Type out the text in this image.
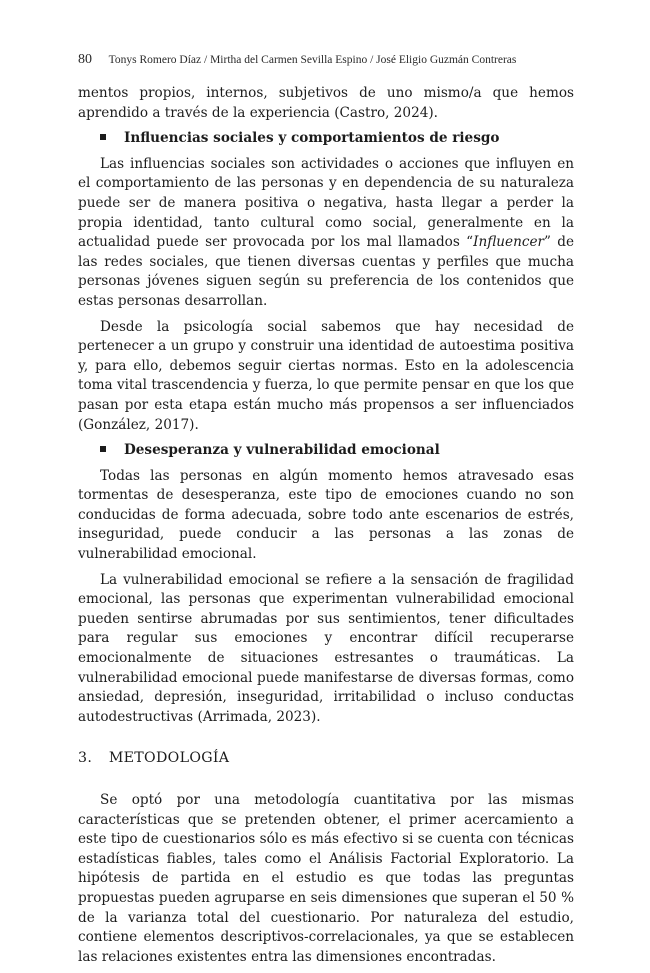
80 Tonys Romero Díaz / Mirtha del Carmen Sevilla Espino / José Eligio Guzmán Contreras

mentos propios, internos, subjetivos de uno mismo/a que hemos aprendido a través de la experiencia (Castro, 2024).

Influencias sociales y comportamientos de riesgo

Las influencias sociales son actividades o acciones que influyen en el comportamiento de las personas y en dependencia de su naturaleza puede ser de manera positiva o negativa, hasta llegar a perder la propia identidad, tanto cultural como social, generalmente en la actualidad puede ser provocada por los mal llamados “Influencer” de las redes sociales, que tienen diversas cuentas y perfiles que mucha personas jóvenes siguen según su preferencia de los contenidos que estas personas desarrollan.

Desde la psicología social sabemos que hay necesidad de pertenecer a un grupo y construir una identidad de autoestima positiva y, para ello, debemos seguir ciertas normas. Esto en la adolescencia toma vital trascendencia y fuerza, lo que permite pensar en que los que pasan por esta etapa están mucho más propensos a ser influenciados (González, 2017).

Desesperanza y vulnerabilidad emocional

Todas las personas en algún momento hemos atravesado esas tormentas de desesperanza, este tipo de emociones cuando no son conducidas de forma adecuada, sobre todo ante escenarios de estrés, inseguridad, puede conducir a las personas a las zonas de vulnerabilidad emocional.

La vulnerabilidad emocional se refiere a la sensación de fragilidad emocional, las personas que experimentan vulnerabilidad emocional pueden sentirse abrumadas por sus sentimientos, tener dificultades para regular sus emociones y encontrar difícil recuperarse emocionalmente de situaciones estresantes o traumáticas. La vulnerabilidad emocional puede manifestarse de diversas formas, como ansiedad, depresión, inseguridad, irritabilidad o incluso conductas autodestructivas (Arrimada, 2023).

3. METODOLOGÍA

Se optó por una metodología cuantitativa por las mismas características que se pretenden obtener, el primer acercamiento a este tipo de cuestionarios sólo es más efectivo si se cuenta con técnicas estadísticas fiables, tales como el Análisis Factorial Exploratorio. La hipótesis de partida en el estudio es que todas las preguntas propuestas pueden agruparse en seis dimensiones que superan el 50 % de la varianza total del cuestionario. Por naturaleza del estudio, contiene elementos descriptivos-correlacionales, ya que se establecen las relaciones existentes entra las dimensiones encontradas.
